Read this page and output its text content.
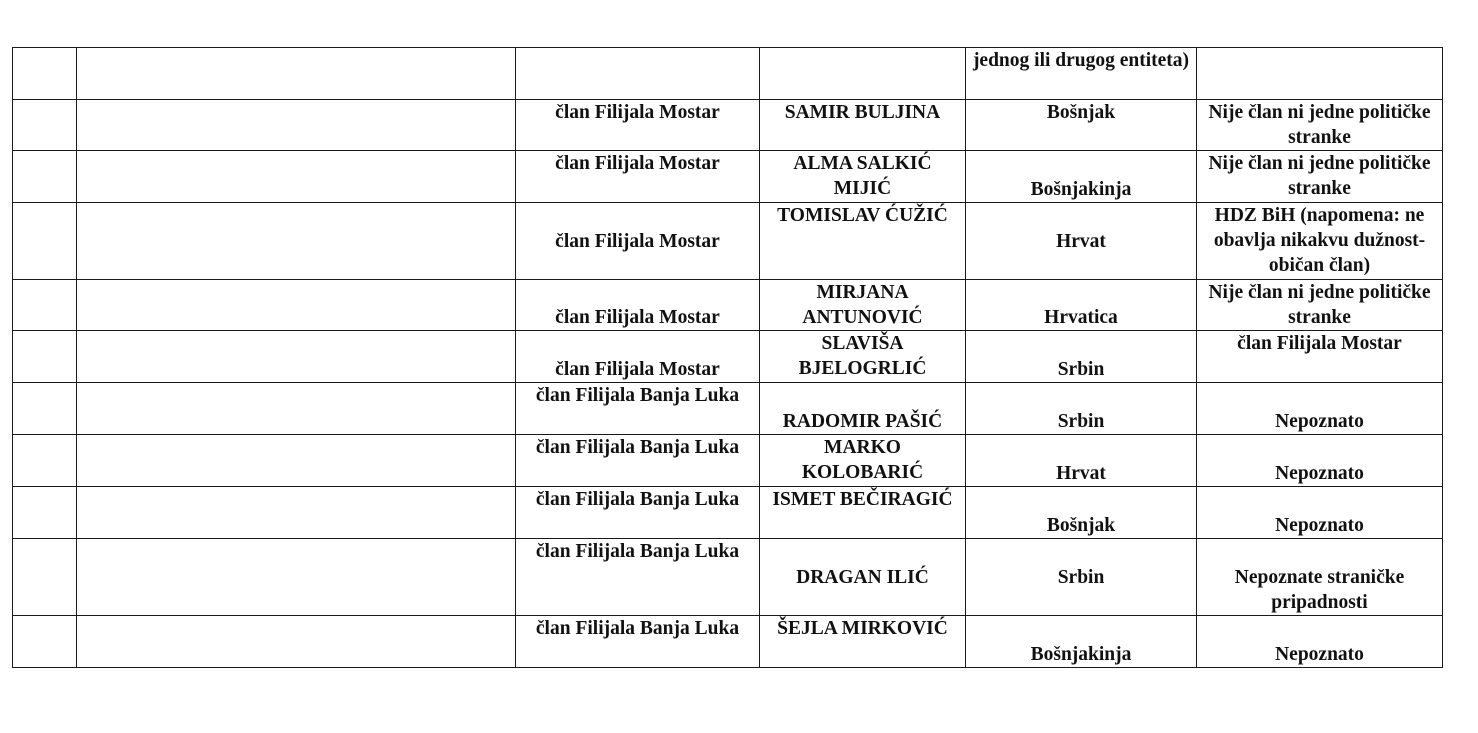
				jednog ili drugog entiteta)	
		član Filijala Mostar	SAMIR BULJINA	Bošnjak	Nije član ni jedne političke stranke
		član Filijala Mostar	ALMA SALKIĆ MIJIĆ	Bošnjakinja	Nije član ni jedne političke stranke
		član Filijala Mostar	TOMISLAV ĆUŽIĆ	Hrvat	HDZ BiH (napomena: ne obavlja nikakvu dužnost-običan član)
		član Filijala Mostar	MIRJANA ANTUNOVIĆ	Hrvatica	Nije član ni jedne političke stranke
		član Filijala Mostar	SLAVIŠA BJELOGRLIĆ	Srbin	član Filijala Mostar
		član Filijala Banja Luka	RADOMIR PAŠIĆ	Srbin	Nepoznato
		član Filijala Banja Luka	MARKO KOLOBARIĆ	Hrvat	Nepoznato
		član Filijala Banja Luka	ISMET BEČIRAGIĆ	Bošnjak	Nepoznato
		član Filijala Banja Luka	DRAGAN ILIĆ	Srbin	Nepoznate straničke pripadnosti
		član Filijala Banja Luka	ŠEJLA MIRKOVIĆ	Bošnjakinja	Nepoznato
